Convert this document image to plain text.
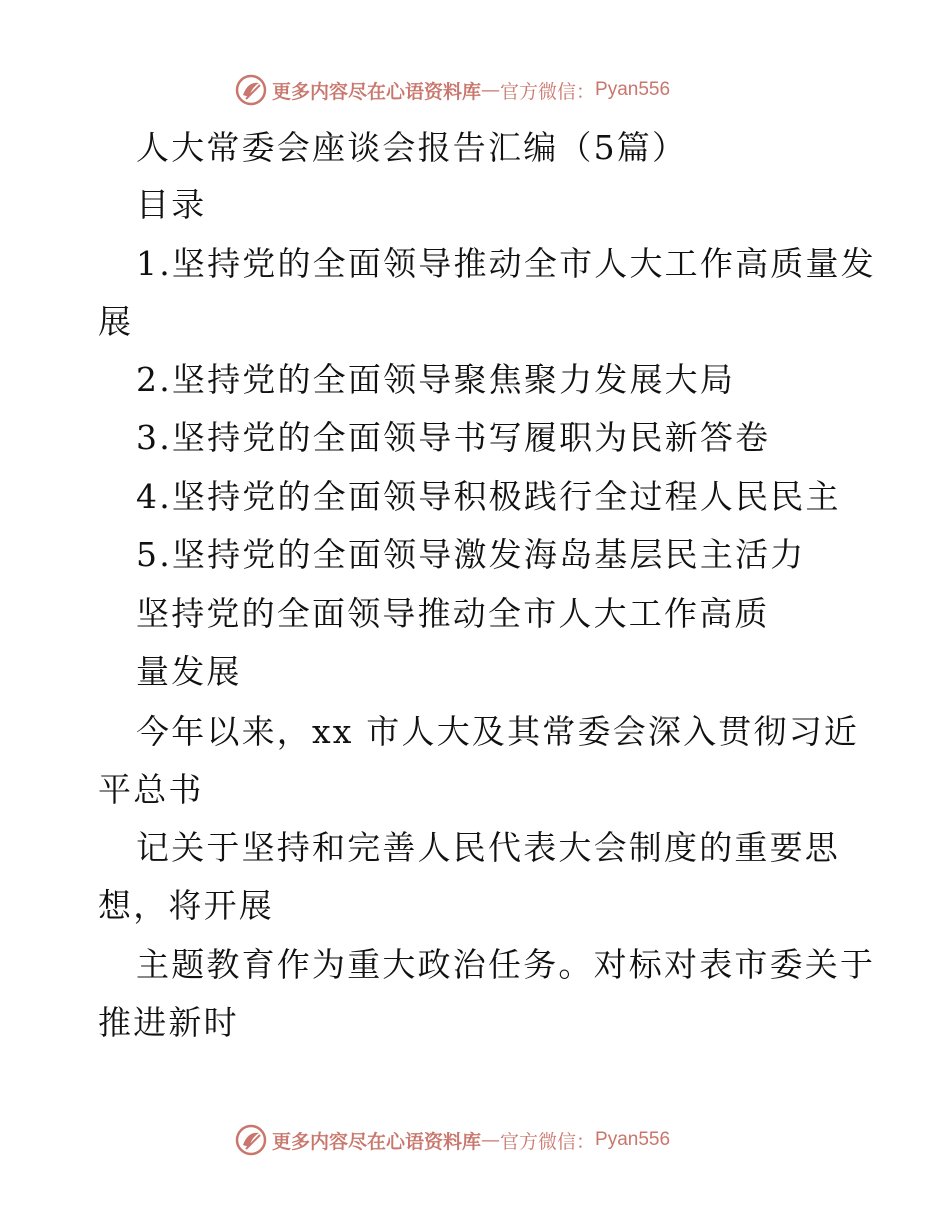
更多内容尽在心语资料库 — 官方微信： Pyan556
人大常委会座谈会报告汇编（5篇）
目录
1.坚持党的全面领导推动全市人大工作高质量发
展
2.坚持党的全面领导聚焦聚力发展大局
3.坚持党的全面领导书写履职为民新答卷
4.坚持党的全面领导积极践行全过程人民民主
5.坚持党的全面领导激发海岛基层民主活力
坚持党的全面领导推动全市人大工作高质
量发展
今年以来，xx 市人大及其常委会深入贯彻习近
平总书
记关于坚持和完善人民代表大会制度的重要思
想，将开展
主题教育作为重大政治任务。对标对表市委关于
推进新时
更多内容尽在心语资料库 — 官方微信： Pyan556
